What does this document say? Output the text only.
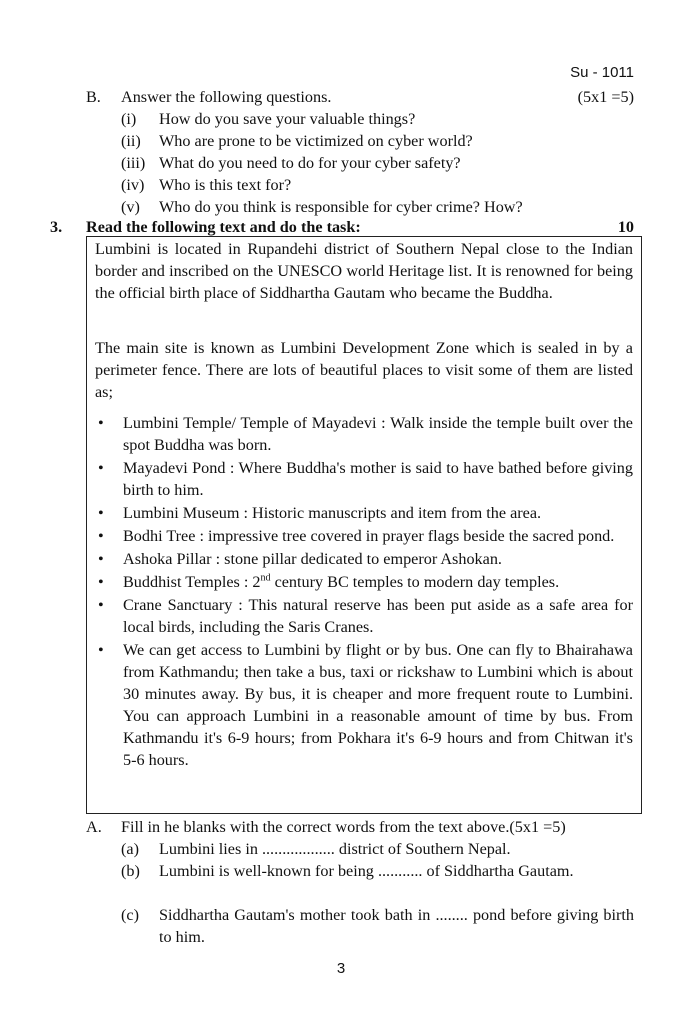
Su - 1011
B. Answer the following questions.	(5x1 =5)
(i) How do you save your valuable things?
(ii) Who are prone to be victimized on cyber world?
(iii) What do you need to do for your cyber safety?
(iv) Who is this text for?
(v) Who do you think is responsible for cyber crime? How?
3. Read the following text and do the task:	10

Lumbini is located in Rupandehi district of Southern Nepal close to the Indian border and inscribed on the UNESCO world Heritage list. It is renowned for being the official birth place of Siddhartha Gautam who became the Buddha.

The main site is known as Lumbini Development Zone which is sealed in by a perimeter fence. There are lots of beautiful places to visit some of them are listed as;

• Lumbini Temple/ Temple of Mayadevi : Walk inside the temple built over the spot Buddha was born.
• Mayadevi Pond : Where Buddha's mother is said to have bathed before giving birth to him.
• Lumbini Museum : Historic manuscripts and item from the area.
• Bodhi Tree : impressive tree covered in prayer flags beside the sacred pond.
• Ashoka Pillar : stone pillar dedicated to emperor Ashokan.
• Buddhist Temples : 2nd century BC temples to modern day temples.
• Crane Sanctuary : This natural reserve has been put aside as a safe area for local birds, including the Saris Cranes.
• We can get access to Lumbini by flight or by bus. One can fly to Bhairahawa from Kathmandu; then take a bus, taxi or rickshaw to Lumbini which is about 30 minutes away. By bus, it is cheaper and more frequent route to Lumbini. You can approach Lumbini in a reasonable amount of time by bus. From Kathmandu it's 6-9 hours; from Pokhara it's 6-9 hours and from Chitwan it's 5-6 hours.
A. Fill in he blanks with the correct words from the text above.(5x1 =5)
(a) Lumbini lies in .................. district of Southern Nepal.
(b) Lumbini is well-known for being ........... of Siddhartha Gautam.
(c) Siddhartha Gautam's mother took bath in ........ pond before giving birth to him.
3
